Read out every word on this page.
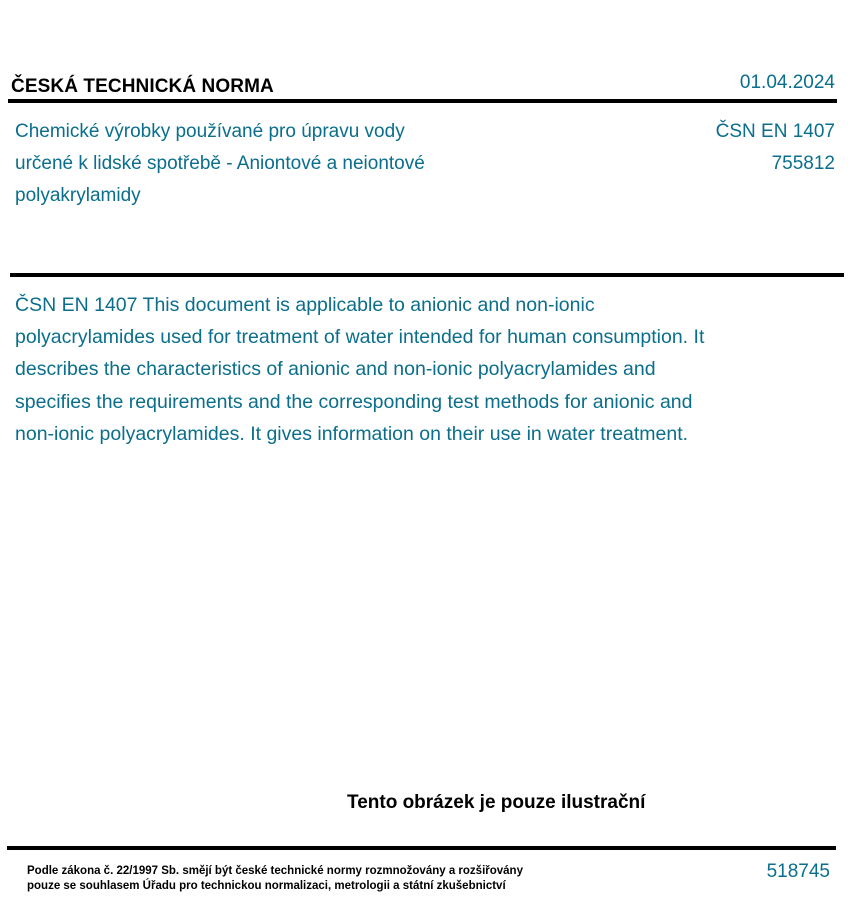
ČESKÁ TECHNICKÁ NORMA	01.04.2024
Chemické výrobky používané pro úpravu vody určené k lidské spotřebě - Aniontové a neiontové polyakrylamidy
ČSN EN 1407
755812
ČSN EN 1407 This document is applicable to anionic and non-ionic polyacrylamides used for treatment of water intended for human consumption. It describes the characteristics of anionic and non-ionic polyacrylamides and specifies the requirements and the corresponding test methods for anionic and non-ionic polyacrylamides. It gives information on their use in water treatment.
Tento obrázek je pouze ilustrační
Podle zákona č. 22/1997 Sb. smějí být české technické normy rozmnožovány a rozšiřovány
pouze se souhlasem Úřadu pro technickou normalizaci, metrologii a státní zkušebnictví
518745
